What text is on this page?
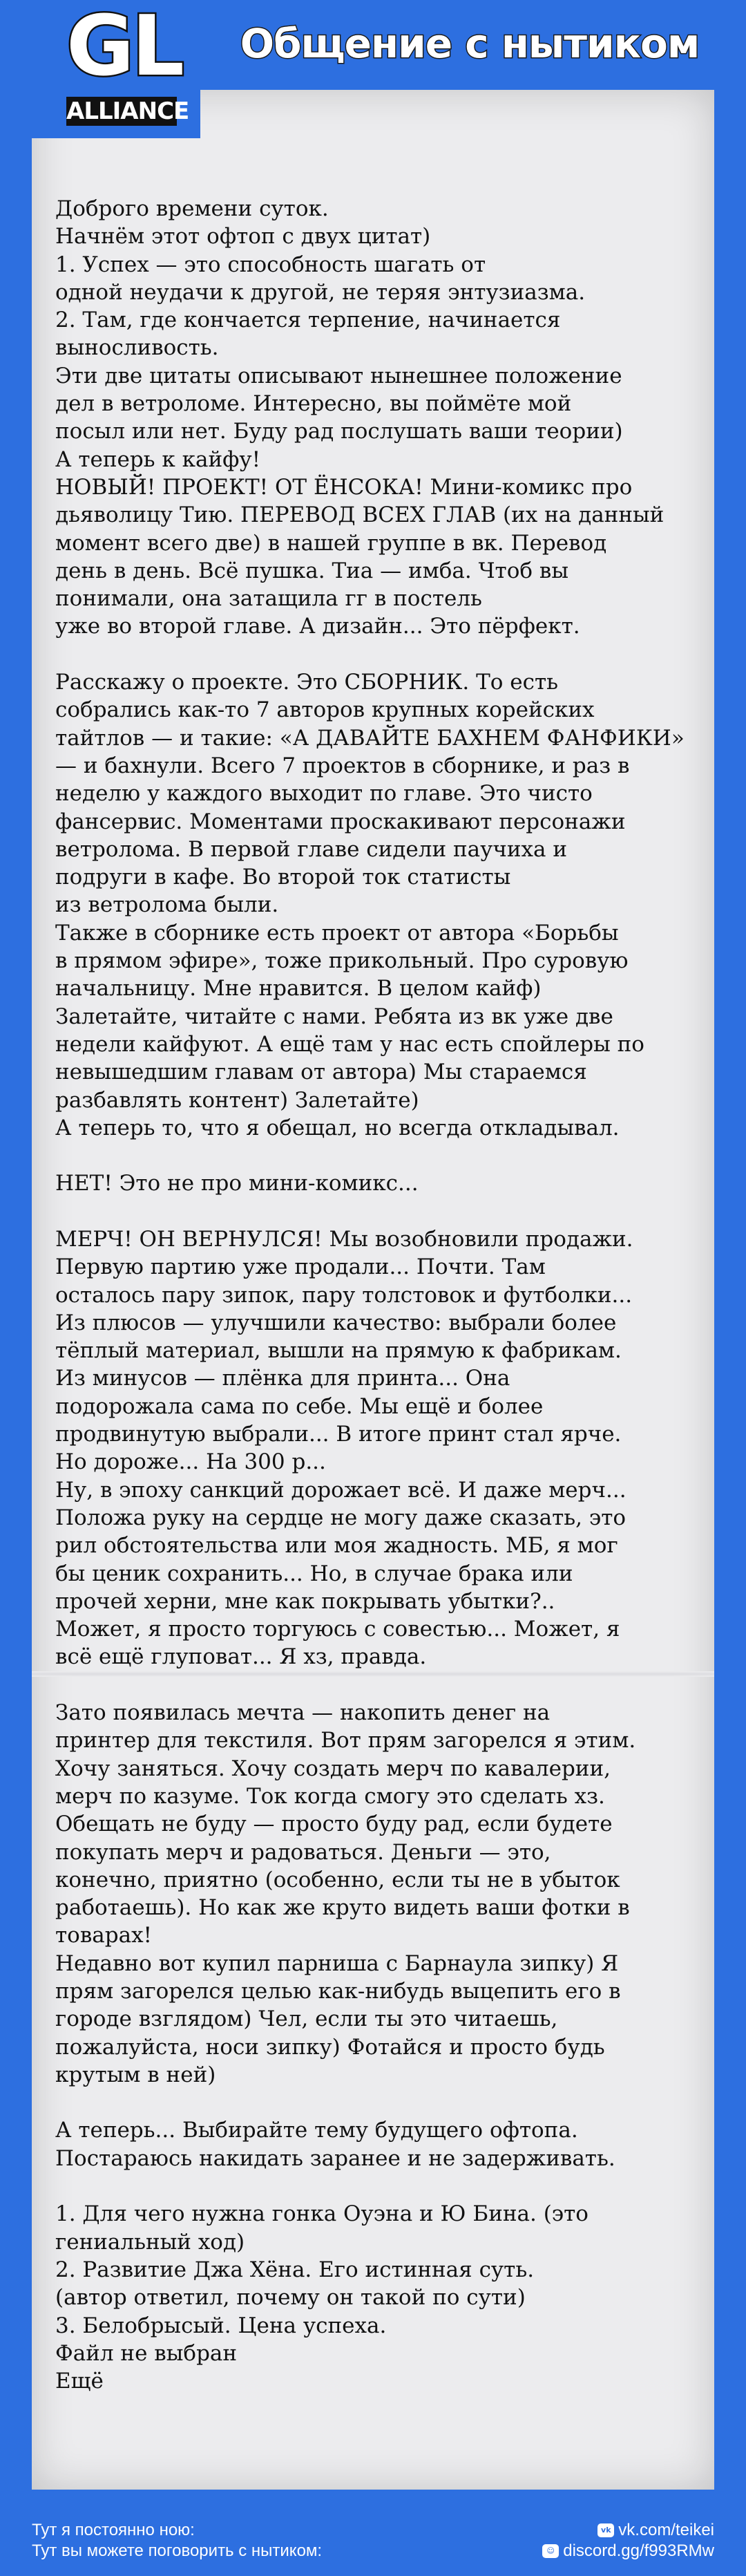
GL
ALLIANCE
Общение с нытиком
Доброго времени суток.
Начнём этот офтоп с двух цитат)
1. Успех — это способность шагать от
одной неудачи к другой, не теряя энтузиазма.
2. Там, где кончается терпение, начинается
выносливость.
Эти две цитаты описывают нынешнее положение
дел в ветроломе. Интересно, вы поймёте мой
посыл или нет. Буду рад послушать ваши теории)
А теперь к кайфу!
НОВЫЙ! ПРОЕКТ! ОТ ЁНСОКА! Мини-комикс про
дьяволицу Тию. ПЕРЕВОД ВСЕХ ГЛАВ (их на данный
момент всего две) в нашей группе в вк. Перевод
день в день. Всё пушка. Тиа — имба. Чтоб вы
понимали, она затащила гг в постель
уже во второй главе. А дизайн... Это пёрфект.
Расскажу о проекте. Это СБОРНИК. То есть
собрались как-то 7 авторов крупных корейских
тайтлов — и такие: «А ДАВАЙТЕ БАХНЕМ ФАНФИКИ»
— и бахнули. Всего 7 проектов в сборнике, и раз в
неделю у каждого выходит по главе. Это чисто
фансервис. Моментами проскакивают персонажи
ветролома. В первой главе сидели паучиха и
подруги в кафе. Во второй ток статисты
из ветролома были.
Также в сборнике есть проект от автора «Борьбы
в прямом эфире», тоже прикольный. Про суровую
начальницу. Мне нравится. В целом кайф)
Залетайте, читайте с нами. Ребята из вк уже две
недели кайфуют. А ещё там у нас есть спойлеры по
невышедшим главам от автора) Мы стараемся
разбавлять контент) Залетайте)
А теперь то, что я обещал, но всегда откладывал.
НЕТ! Это не про мини-комикс...
МЕРЧ! ОН ВЕРНУЛСЯ! Мы возобновили продажи.
Первую партию уже продали... Почти. Там
осталось пару зипок, пару толстовок и футболки...
Из плюсов — улучшили качество: выбрали более
тёплый материал, вышли на прямую к фабрикам.
Из минусов — плёнка для принта... Она
подорожала сама по себе. Мы ещё и более
продвинутую выбрали... В итоге принт стал ярче.
Но дороже... На 300 р...
Ну, в эпоху санкций дорожает всё. И даже мерч...
Положа руку на сердце не могу даже сказать, это
рил обстоятельства или моя жадность. МБ, я мог
бы ценик сохранить... Но, в случае брака или
прочей херни, мне как покрывать убытки?..
Может, я просто торгуюсь с совестью... Может, я
всё ещё глуповат... Я хз, правда.
Зато появилась мечта — накопить денег на
принтер для текстиля. Вот прям загорелся я этим.
Хочу заняться. Хочу создать мерч по кавалерии,
мерч по казуме. Ток когда смогу это сделать хз.
Обещать не буду — просто буду рад, если будете
покупать мерч и радоваться. Деньги — это,
конечно, приятно (особенно, если ты не в убыток
работаешь). Но как же круто видеть ваши фотки в
товарах!
Недавно вот купил парниша с Барнаула зипку) Я
прям загорелся целью как-нибудь выцепить его в
городе взглядом) Чел, если ты это читаешь,
пожалуйста, носи зипку) Фотайся и просто будь
крутым в ней)
А теперь... Выбирайте тему будущего офтопа.
Постараюсь накидать заранее и не задерживать.
1. Для чего нужна гонка Оуэна и Ю Бина. (это
гениальный ход)
2. Развитие Джа Хёна. Его истинная суть.
(автор ответил, почему он такой по сути)
3. Белобрысый. Цена успеха.
Файл не выбран
Ещё
Тут я постоянно ною:
Тут вы можете поговорить с нытиком:
vk vk.com/teikei
☺ discord.gg/f993RMw
